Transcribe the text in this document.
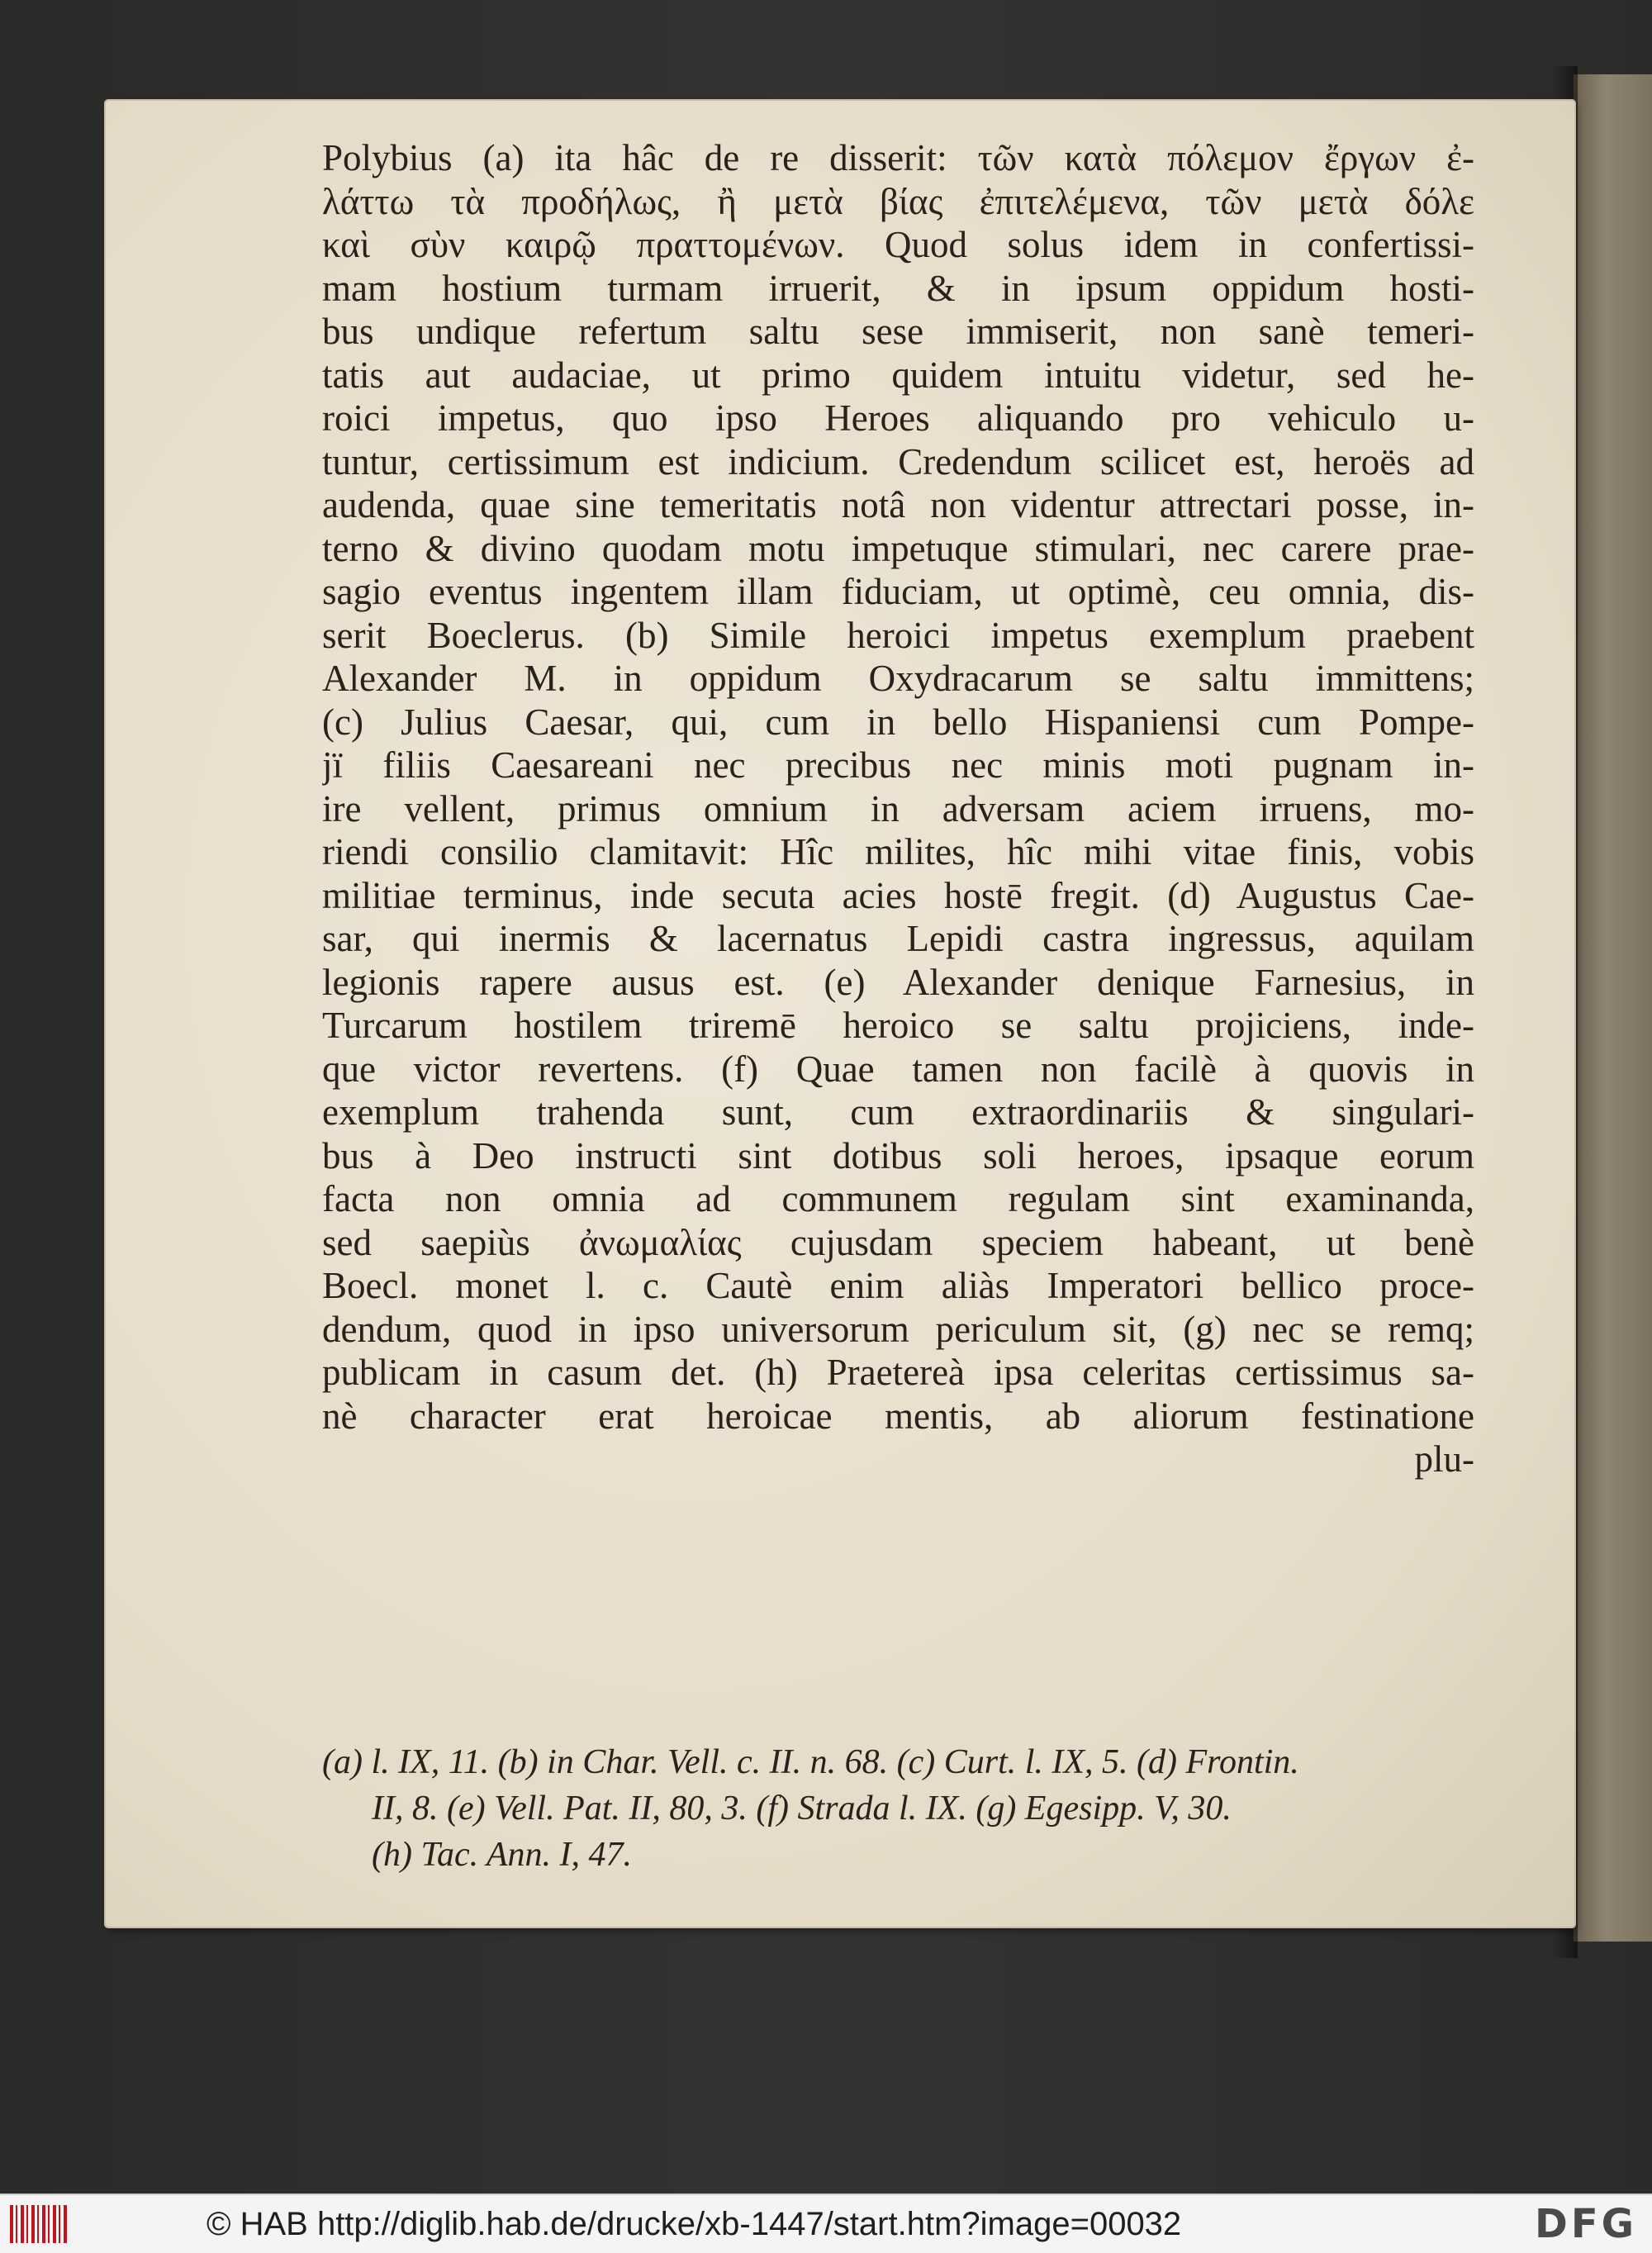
Polybius (a) ita hâc de re disserit: τῶν κατὰ πόλεμον ἔργων ἐ-
λάττω τὰ προδήλως, ἢ μετὰ βίας ἐπιτελέμενα, τῶν μετὰ δόλε
καὶ σὺν καιρῷ πραττομένων. Quod solus idem in confertissi-
mam hostium turmam irruerit, & in ipsum oppidum hosti-
bus undique refertum saltu sese immiserit, non sanè temeri-
tatis aut audaciae, ut primo quidem intuitu videtur, sed he-
roici impetus, quo ipso Heroes aliquando pro vehiculo u-
tuntur, certissimum est indicium. Credendum scilicet est, heroës ad
audenda, quae sine temeritatis notâ non videntur attrectari posse, in-
terno & divino quodam motu impetuque stimulari, nec carere prae-
sagio eventus ingentem illam fiduciam, ut optimè, ceu omnia, dis-
serit Boeclerus. (b) Simile heroici impetus exemplum praebent
Alexander M. in oppidum Oxydracarum se saltu immittens;
(c) Julius Caesar, qui, cum in bello Hispaniensi cum Pompe-
jï filiis Caesareani nec precibus nec minis moti pugnam in-
ire vellent, primus omnium in adversam aciem irruens, mo-
riendi consilio clamitavit: Hîc milites, hîc mihi vitae finis, vobis
militiae terminus, inde secuta acies hostē fregit. (d) Augustus Cae-
sar, qui inermis & lacernatus Lepidi castra ingressus, aquilam
legionis rapere ausus est. (e) Alexander denique Farnesius, in
Turcarum hostilem triremē heroico se saltu projiciens, inde-
que victor revertens. (f) Quae tamen non facilè à quovis in
exemplum trahenda sunt, cum extraordinariis & singulari-
bus à Deo instructi sint dotibus soli heroes, ipsaque eorum
facta non omnia ad communem regulam sint examinanda,
sed saepiùs ἀνωμαλίας cujusdam speciem habeant, ut benè
Boecl. monet l. c. Cautè enim aliàs Imperatori bellico proce-
dendum, quod in ipso universorum periculum sit, (g) nec se remq;
publicam in casum det. (h) Praetereà ipsa celeritas certissimus sa-
nè character erat heroicae mentis, ab aliorum festinatione
plu-
(a) l. IX, 11. (b) in Char. Vell. c. II. n. 68. (c) Curt. l. IX, 5. (d) Frontin.
II, 8. (e) Vell. Pat. II, 80, 3. (f) Strada l. IX. (g) Egesipp. V, 30.
(h) Tac. Ann. I, 47.
© HAB http://diglib.hab.de/drucke/xb-1447/start.htm?image=00032	DFG
